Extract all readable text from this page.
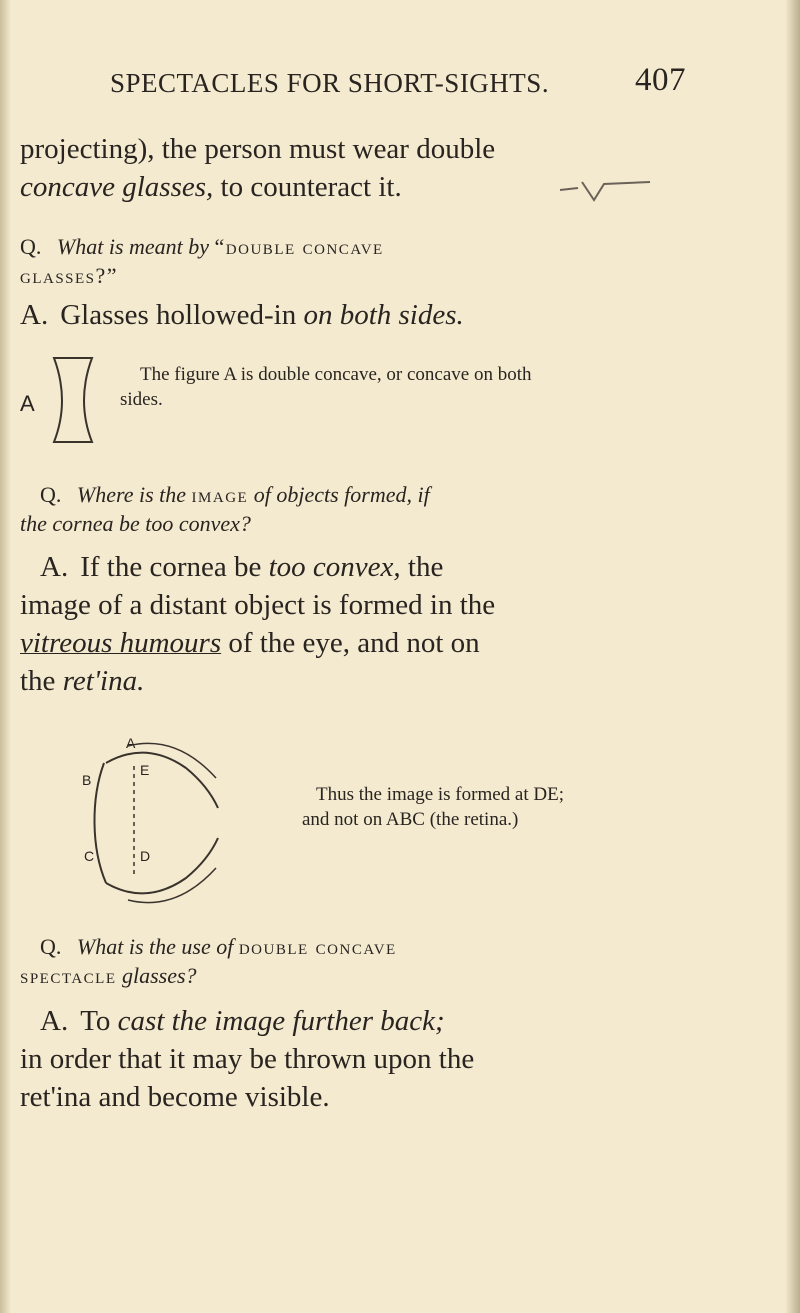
SPECTACLES FOR SHORT-SIGHTS.	407
projecting), the person must wear double
concave glasses, to counteract it.
Q. What is meant by “double concave
glasses?”
A. Glasses hollowed-in on both sides.
A
The figure A is double concave, or concave on both
sides.
Q. Where is the image of objects formed, if
the cornea be too convex?
A. If the cornea be too convex, the
image of a distant object is formed in the
vitreous humours of the eye, and not on
the ret'ina.
A
B
C	D
E
Thus the image is formed at DE;
and not on ABC (the retina.)
Q. What is the use of double concave
spectacle glasses?
A. To cast the image further back;
in order that it may be thrown upon the
ret'ina and become visible.
